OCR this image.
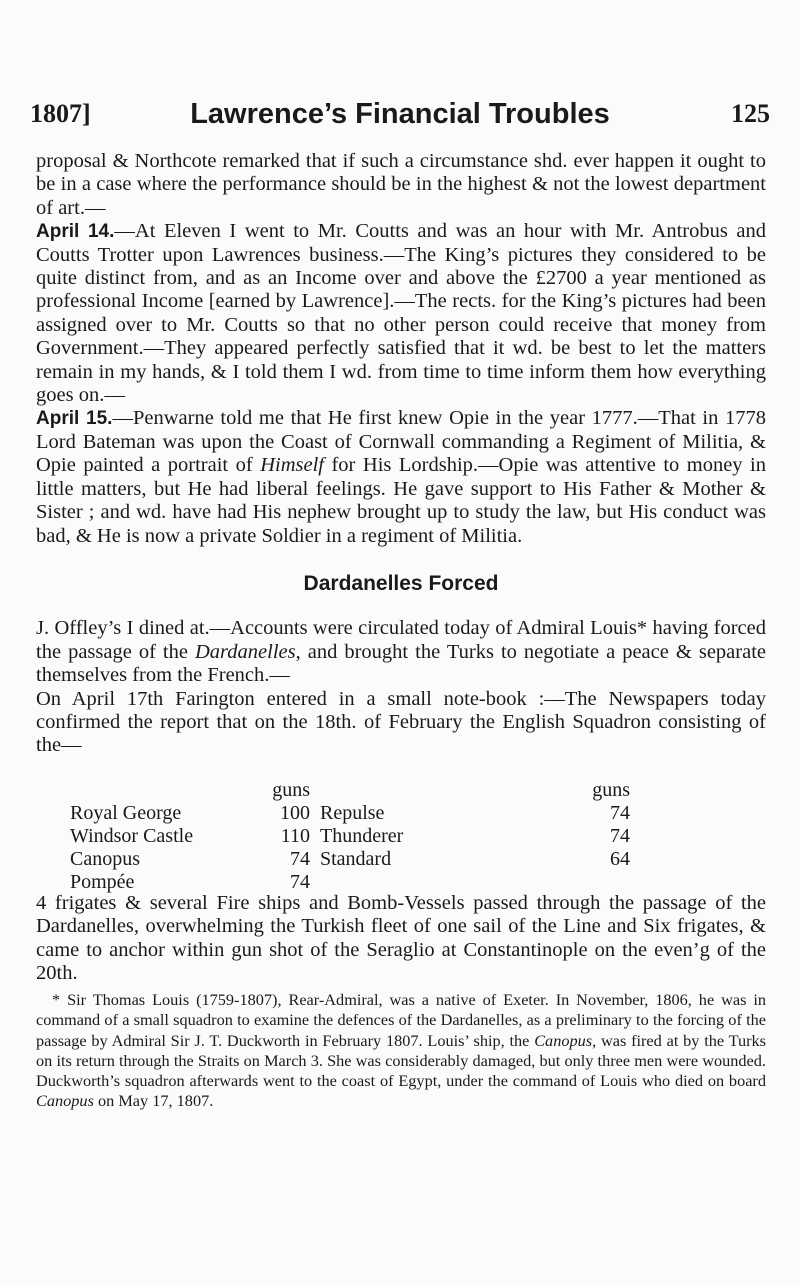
1807]	Lawrence’s Financial Troubles	125

proposal & Northcote remarked that if such a circumstance shd. ever happen it ought to be in a case where the performance should be in the highest & not the lowest department of art.—

April 14.—At Eleven I went to Mr. Coutts and was an hour with Mr. Antrobus and Coutts Trotter upon Lawrences business.—The King’s pictures they considered to be quite distinct from, and as an Income over and above the £2700 a year mentioned as professional Income [earned by Lawrence].—The rects. for the King’s pictures had been assigned over to Mr. Coutts so that no other person could receive that money from Government.—They appeared perfectly satisfied that it wd. be best to let the matters remain in my hands, & I told them I wd. from time to time inform them how everything goes on.—

April 15.—Penwarne told me that He first knew Opie in the year 1777.—That in 1778 Lord Bateman was upon the Coast of Cornwall commanding a Regiment of Militia, & Opie painted a portrait of Himself for His Lordship.—Opie was attentive to money in little matters, but He had liberal feelings. He gave support to His Father & Mother & Sister ; and wd. have had His nephew brought up to study the law, but His conduct was bad, & He is now a private Soldier in a regiment of Militia.

Dardanelles Forced

J. Offley’s I dined at.—Accounts were circulated today of Admiral Louis* having forced the passage of the Dardanelles, and brought the Turks to negotiate a peace & separate themselves from the French.—

On April 17th Farington entered in a small note-book :—The Newspapers today confirmed the report that on the 18th. of February the English Squadron consisting of the—

guns	guns
Royal George	100 Repulse	74
Windsor Castle	110 Thunderer	74
Canopus	74 Standard	64
Pompée	74

4 frigates & several Fire ships and Bomb-Vessels passed through the passage of the Dardanelles, overwhelming the Turkish fleet of one sail of the Line and Six frigates, & came to anchor within gun shot of the Seraglio at Constantinople on the even’g of the 20th.

* Sir Thomas Louis (1759-1807), Rear-Admiral, was a native of Exeter. In November, 1806, he was in command of a small squadron to examine the defences of the Dardanelles, as a preliminary to the forcing of the passage by Admiral Sir J. T. Duckworth in February 1807. Louis’ ship, the Canopus, was fired at by the Turks on its return through the Straits on March 3. She was considerably damaged, but only three men were wounded. Duckworth’s squadron afterwards went to the coast of Egypt, under the command of Louis who died on board Canopus on May 17, 1807.
